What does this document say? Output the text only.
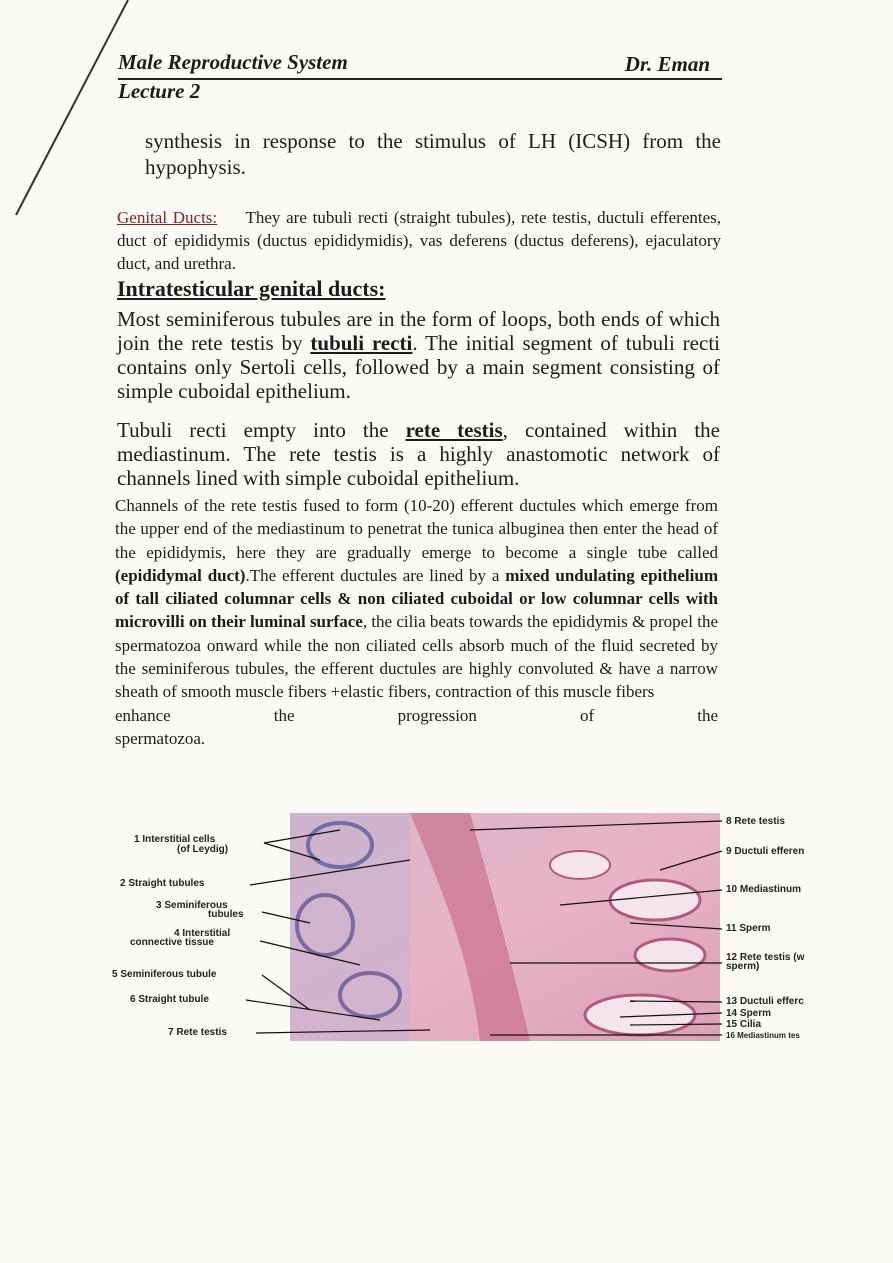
Male Reproductive System	Dr. Eman
Lecture 2
synthesis in response to the stimulus of LH (ICSH) from the hypophysis.
Genital Ducts: They are tubuli recti (straight tubules), rete testis, ductuli efferentes, duct of epididymis (ductus epididymidis), vas deferens (ductus deferens), ejaculatory duct, and urethra.
Intratesticular genital ducts:
Most seminiferous tubules are in the form of loops, both ends of which join the rete testis by tubuli recti. The initial segment of tubuli recti contains only Sertoli cells, followed by a main segment consisting of simple cuboidal epithelium.
Tubuli recti empty into the rete testis, contained within the mediastinum. The rete testis is a highly anastomotic network of channels lined with simple cuboidal epithelium.
Channels of the rete testis fused to form (10-20) efferent ductules which emerge from the upper end of the mediastinum to penetrat the tunica albuginea then enter the head of the epididymis, here they are gradually emerge to become a single tube called (epididymal duct).The efferent ductules are lined by a mixed undulating epithelium of tall ciliated columnar cells & non ciliated cuboidal or low columnar cells with microvilli on their luminal surface, the cilia beats towards the epididymis & propel the spermatozoa onward while the non ciliated cells absorb much of the fluid secreted by the seminiferous tubules, the efferent ductules are highly convoluted & have a narrow sheath of smooth muscle fibers +elastic fibers, contraction of this muscle fibers
enhance	the	progression	of	the
spermatozoa.
1 Interstitial cells
(of Leydig)
2 Straight tubules
3 Seminiferous
tubules
4 Interstitial
connective tissue
5 Seminiferous tubule
6 Straight tubule
7 Rete testis
8 Rete testis
9 Ductuli efferen
10 Mediastinum
11 Sperm
12 Rete testis (w
sperm)
13 Ductuli efferc
14 Sperm
15 Cilia
16 Mediastinum tes
